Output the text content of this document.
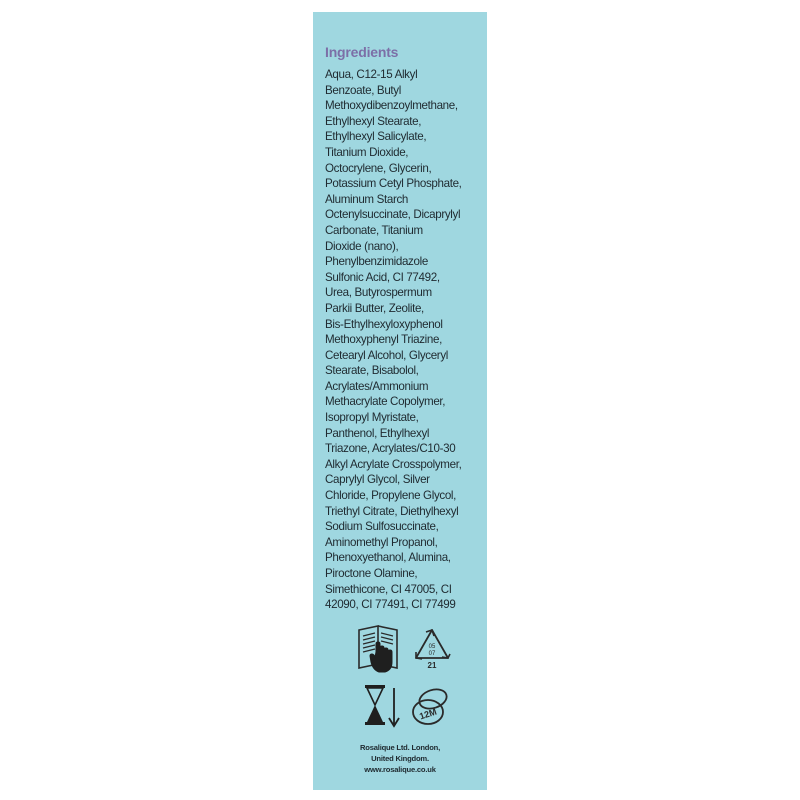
Ingredients

Aqua, C12-15 Alkyl
Benzoate, Butyl
Methoxydibenzoylmethane,
Ethylhexyl Stearate,
Ethylhexyl Salicylate,
Titanium Dioxide,
Octocrylene, Glycerin,
Potassium Cetyl Phosphate,
Aluminum Starch
Octenylsuccinate, Dicaprylyl
Carbonate, Titanium
Dioxide (nano),
Phenylbenzimidazole
Sulfonic Acid, CI 77492,
Urea, Butyrospermum
Parkii Butter, Zeolite,
Bis-Ethylhexyloxyphenol
Methoxyphenyl Triazine,
Cetearyl Alcohol, Glyceryl
Stearate, Bisabolol,
Acrylates/Ammonium
Methacrylate Copolymer,
Isopropyl Myristate,
Panthenol, Ethylhexyl
Triazone, Acrylates/C10-30
Alkyl Acrylate Crosspolymer,
Caprylyl Glycol, Silver
Chloride, Propylene Glycol,
Triethyl Citrate, Diethylhexyl
Sodium Sulfosuccinate,
Aminomethyl Propanol,
Phenoxyethanol, Alumina,
Piroctone Olamine,
Simethicone, CI 47005, CI
42090, CI 77491, CI 77499

05
07
21
12M
Rosalique Ltd. London,
United Kingdom.
www.rosalique.co.uk
